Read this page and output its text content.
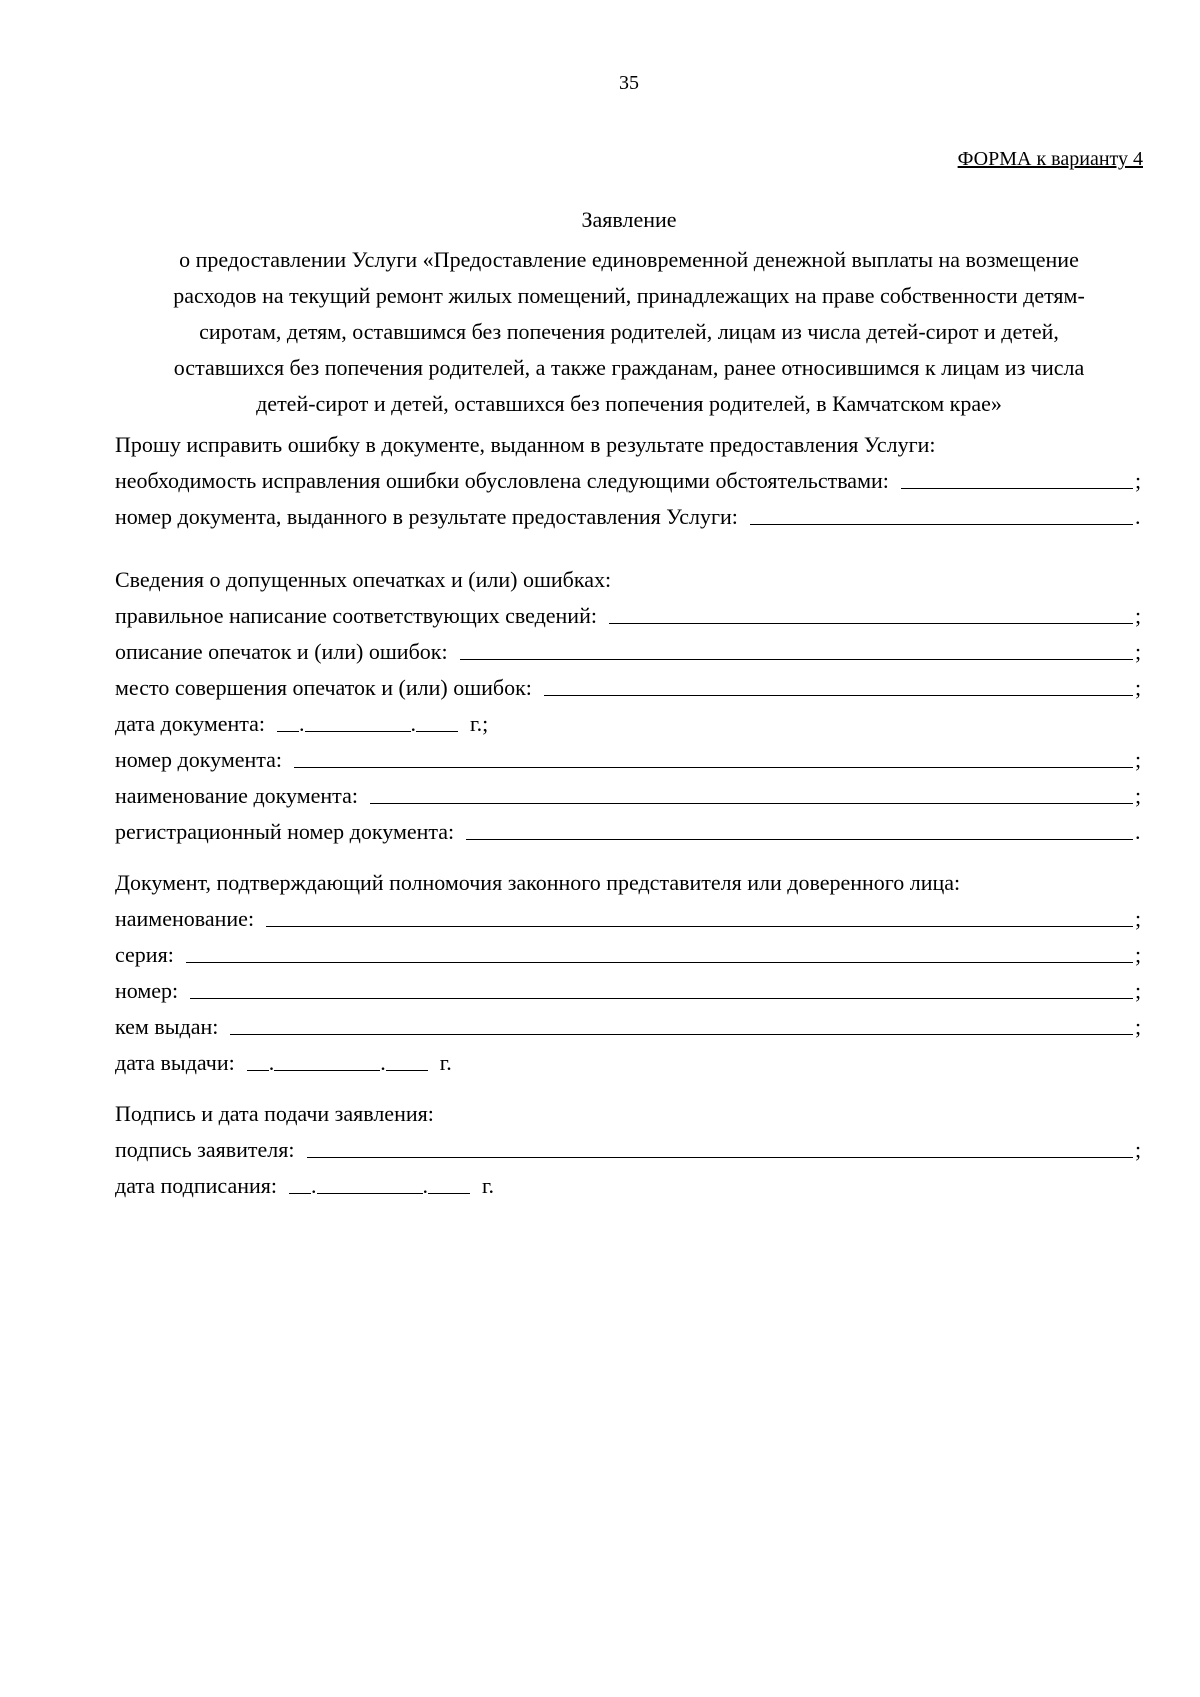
35
ФОРМА к варианту 4
Заявление
о предоставлении Услуги «Предоставление единовременной денежной выплаты на возмещение
расходов на текущий ремонт жилых помещений, принадлежащих на праве собственности детям-
сиротам, детям, оставшимся без попечения родителей, лицам из числа детей-сирот и детей,
оставшихся без попечения родителей, а также гражданам, ранее относившимся к лицам из числа
детей-сирот и детей, оставшихся без попечения родителей, в Камчатском крае»
Прошу исправить ошибку в документе, выданном в результате предоставления Услуги:
необходимость исправления ошибки обусловлена следующими обстоятельствами:	;
номер документа, выданного в результате предоставления Услуги:	.
Сведения о допущенных опечатках и (или) ошибках:
правильное написание соответствующих сведений:	;
описание опечаток и (или) ошибок:	;
место совершения опечаток и (или) ошибок:	;
дата документа: .	. г.;
номер документа:	;
наименование документа:	;
регистрационный номер документа:	.
Документ, подтверждающий полномочия законного представителя или доверенного лица:
наименование:	;
серия:	;
номер:	;
кем выдан:	;
дата выдачи: .	. г.
Подпись и дата подачи заявления:
подпись заявителя:	;
дата подписания: .	. г.
